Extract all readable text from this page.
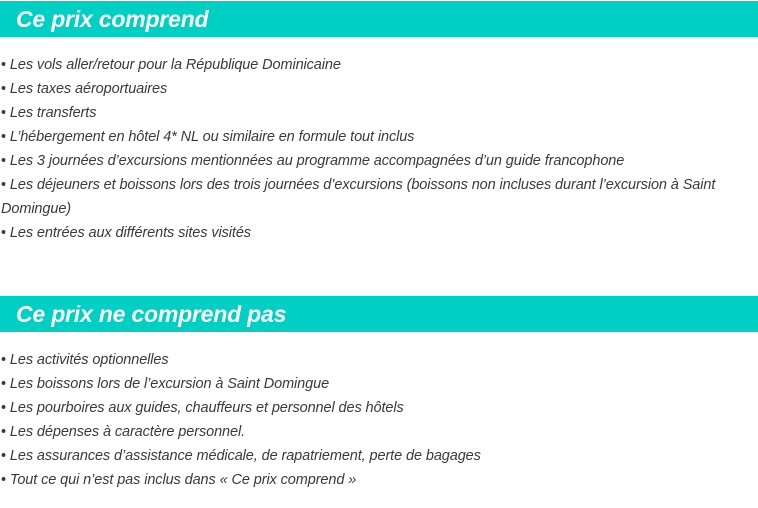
Ce prix comprend
• Les vols aller/retour pour la République Dominicaine
• Les taxes aéroportuaires
• Les transferts
• L’hébergement en hôtel 4* NL ou similaire en formule tout inclus
• Les 3 journées d’excursions mentionnées au programme accompagnées d’un guide francophone
• Les déjeuners et boissons lors des trois journées d’excursions (boissons non incluses durant l’excursion à Saint Domingue)
• Les entrées aux différents sites visités
Ce prix ne comprend pas
• Les activités optionnelles
• Les boissons lors de l’excursion à Saint Domingue
• Les pourboires aux guides, chauffeurs et personnel des hôtels
• Les dépenses à caractère personnel.
• Les assurances d’assistance médicale, de rapatriement, perte de bagages
• Tout ce qui n’est pas inclus dans « Ce prix comprend »
